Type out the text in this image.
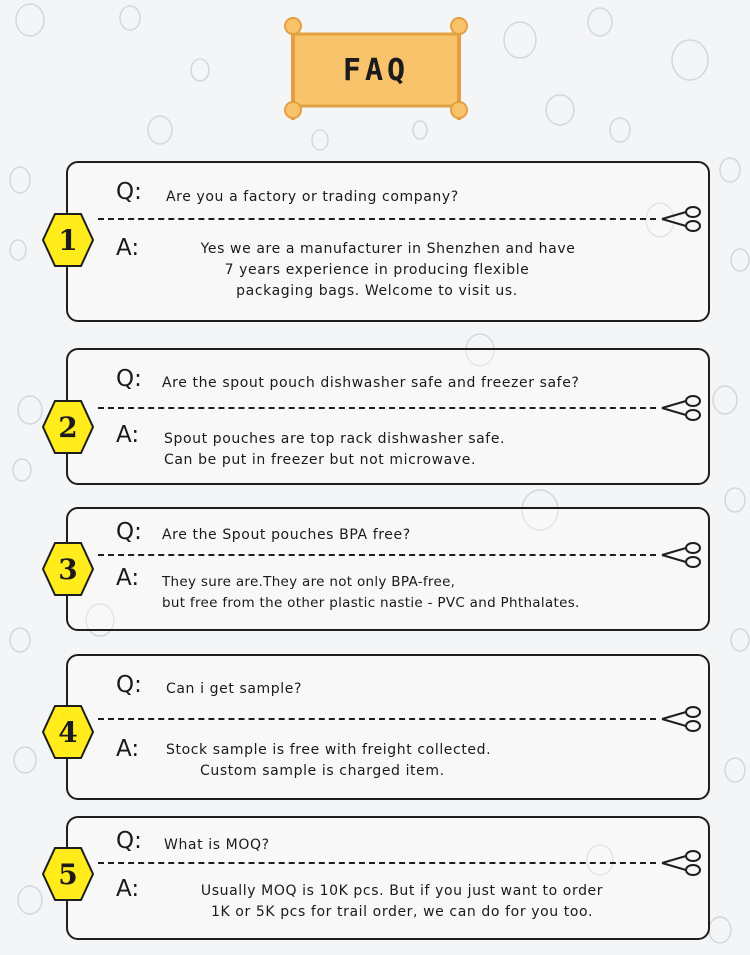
FAQ
Q: Are you a factory or trading company?
A:	Yes we are a manufacturer in Shenzhen and have
7 years experience in producing flexible
packaging bags. Welcome to visit us.
1
Q: Are the spout pouch dishwasher safe and freezer safe?
A: Spout pouches are top rack dishwasher safe.
Can be put in freezer but not microwave.
2
Q: Are the Spout pouches BPA free?
A: They sure are.They are not only BPA-free,
but free from the other plastic nastie - PVC and Phthalates.
3
Q: Can i get sample?
A: Stock sample is free with freight collected.
Custom sample is charged item.
4
Q: What is MOQ?
A:	Usually MOQ is 10K pcs. But if you just want to order
1K or 5K pcs for trail order, we can do for you too.
5
